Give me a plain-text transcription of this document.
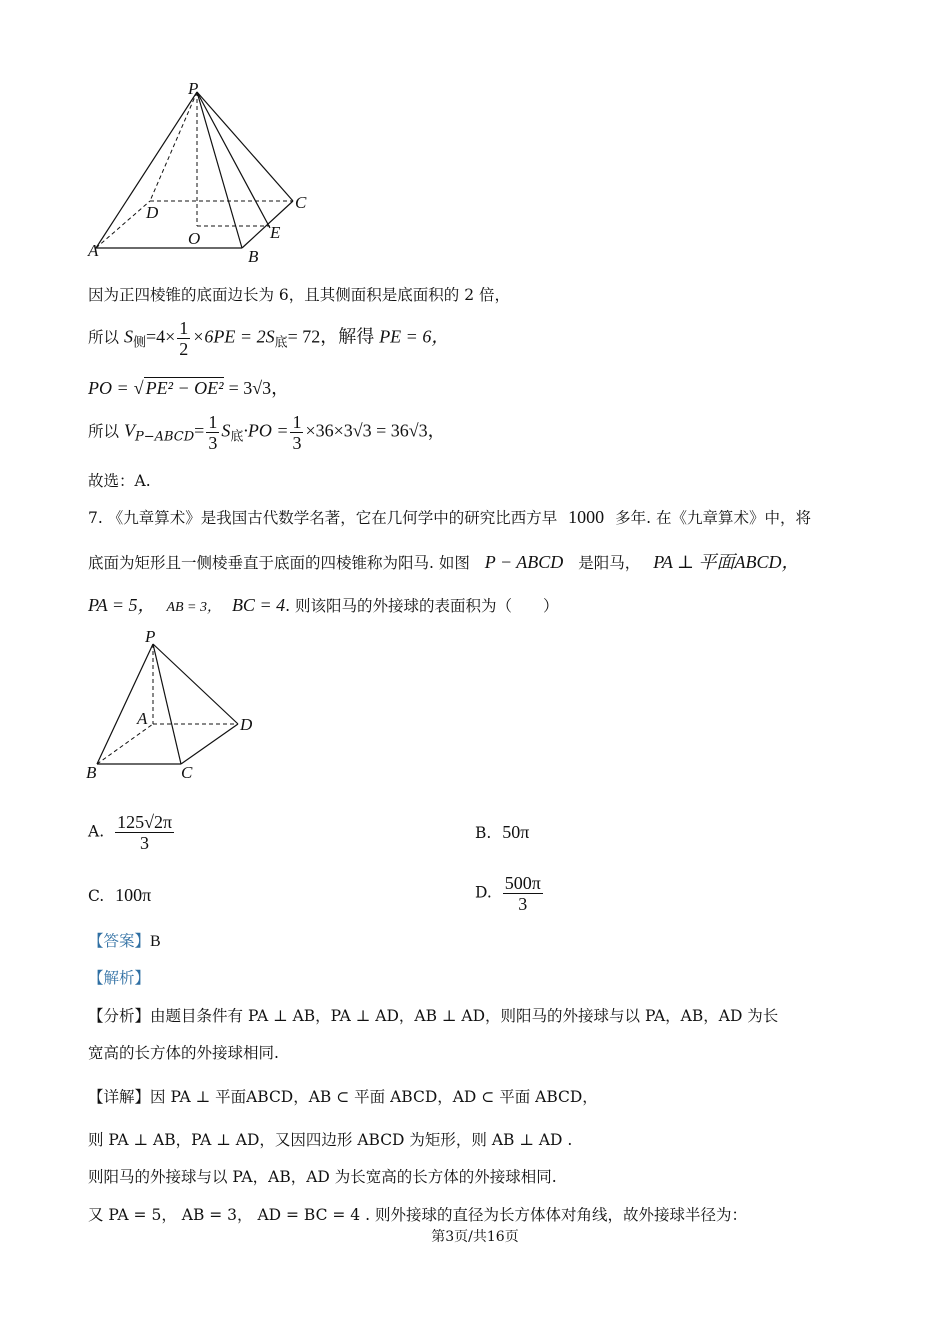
P
D
C
O	E
A	B
因为正四棱锥的底面边长为 6，且其侧面积是底面积的 2 倍，
所以 $S_侧=4\times \frac{1}{2} \times 6PE = 2S_底= 72$，解得 PE = 6，
PO = √ PE² − OE² = 3√3，
所以 $V_{P-ABCD}= \frac{1}{3} S_底\cdot PO = \frac{1}{3} \times 36\times 3√3 = 36√3$，
故选：A.
7. 《九章算术》是我国古代数学名著，它在几何学中的研究比西方早 1000 多年. 在《九章算术》中，将
底面为矩形且一侧棱垂直于底面的四棱锥称为阳马. 如图 P − ABCD 是阳马， PA ⊥ 平面ABCD，
PA = 5， AB = 3， BC = 4. 则该阳马的外接球的表面积为（　　）
P
A	D
B	C
A. $\frac{125√2\pi}{3}$	B. 50π
C. 100π	D. $\frac{500\pi}{3}$
【答案】B
【解析】
【分析】由题目条件有 PA ⊥ AB，PA ⊥ AD，AB ⊥ AD，则阳马的外接球与以 PA，AB，AD 为长
宽高的长方体的外接球相同.
【详解】因 PA ⊥ 平面ABCD，AB ⊂ 平面 ABCD，AD ⊂ 平面 ABCD，
则 PA ⊥ AB，PA ⊥ AD，又因四边形 ABCD 为矩形，则 AB ⊥ AD .
则阳马的外接球与以 PA，AB，AD 为长宽高的长方体的外接球相同.
又 PA = 5， AB = 3， AD = BC = 4 . 则外接球的直径为长方体体对角线，故外接球半径为：
第3页/共16页
